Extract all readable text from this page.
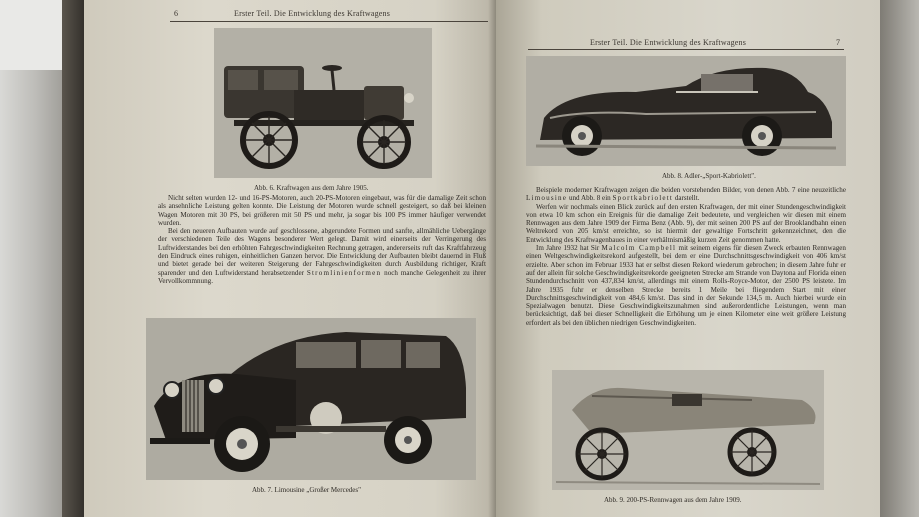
6	Erster Teil. Die Entwicklung des Kraftwagens
Abb. 6. Kraftwagen aus dem Jahre 1905.

Nicht selten wurden 12- und 16-PS-Motoren, auch 20-PS-Motoren eingebaut, was für die damalige Zeit schon als ansehnliche Leistung gelten konnte. Die Leistung der Motoren wurde schnell gesteigert, so daß bei kleinen Wagen Motoren mit 30 PS, bei größeren mit 50 PS und mehr, ja sogar bis 100 PS immer häufiger verwendet wurden.

Bei den neueren Aufbauten wurde auf geschlossene, abgerundete Formen und sanfte, allmähliche Uebergänge der verschiedenen Teile des Wagens besonderer Wert gelegt. Damit wird einerseits der Verringerung des Luftwiderstandes bei den erhöhten Fahrgeschwindigkeiten Rechnung getragen, andererseits ruft das Kraftfahrzeug den Eindruck eines ruhigen, einheitlichen Ganzen hervor. Die Entwicklung der Aufbauten bleibt dauernd in Fluß und bietet gerade bei der weiteren Steigerung der Fahrgeschwindigkeiten durch Ausbildung richtiger, Kraft sparender und den Luftwiderstand herabsetzender Stromlinienformen noch manche Gelegenheit zu ihrer Vervollkommnung.

Abb. 7. Limousine „Großer Mercedes"
Erster Teil. Die Entwicklung des Kraftwagens	7
Abb. 8. Adler-„Sport-Kabriolett".

Beispiele moderner Kraftwagen zeigen die beiden vorstehenden Bilder, von denen Abb. 7 eine neuzeitliche Limousine und Abb. 8 ein Sportkabriolett darstellt.

Werfen wir nochmals einen Blick zurück auf den ersten Kraftwagen, der mit einer Stundengeschwindigkeit von etwa 10 km schon ein Ereignis für die damalige Zeit bedeutete, und vergleichen wir diesen mit einem Rennwagen aus dem Jahre 1909 der Firma Benz (Abb. 9), der mit seinen 200 PS auf der Brooklandbahn einen Weltrekord von 205 km/st erreichte, so ist hiermit der gewaltige Fortschritt gekennzeichnet, den die Entwicklung des Kraftwagenbaues in einer verhältnismäßig kurzen Zeit genommen hatte.

Im Jahre 1932 hat Sir Malcolm Campbell mit seinem eigens für diesen Zweck erbauten Rennwagen einen Weltgeschwindigkeitsrekord aufgestellt, bei dem er eine Durchschnittsgeschwindigkeit von 406 km/st erzielte. Aber schon im Februar 1933 hat er selbst diesen Rekord wiederum gebrochen; in diesem Jahre fuhr er auf der allein für solche Geschwindigkeitsrekorde geeigneten Strecke am Strande von Daytona auf Florida einen Stundendurchschnitt von 437,834 km/st, allerdings mit einem Rolls-Royce-Motor, der 2500 PS leistete. Im Jahre 1935 fuhr er denselben Strecke bereits 1 Meile bei fliegendem Start mit einer Durchschnittsgeschwindigkeit von 484,6 km/st. Das sind in der Sekunde 134,5 m. Auch hierbei wurde ein Spezialwagen benutzt. Diese Geschwindigkeitszunahmen sind außerordentliche Leistungen, wenn man berücksichtigt, daß bei dieser Schnelligkeit die Erhöhung um je einen Kilometer eine weit größere Leistung erfordert als bei den üblichen niedrigen Geschwindigkeiten.

Abb. 9. 200-PS-Rennwagen aus dem Jahre 1909.
